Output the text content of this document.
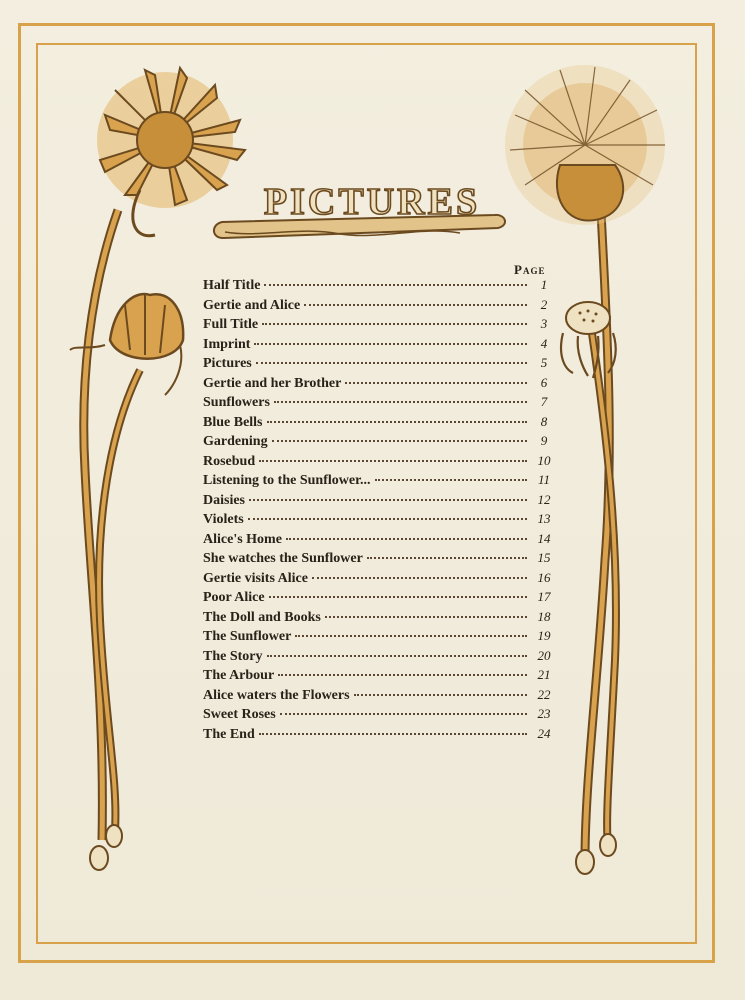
PICTURES
Page
Half Title	1
Gertie and Alice	2
Full Title	3
Imprint	4
Pictures	5
Gertie and her Brother	6
Sunflowers	7
Blue Bells	8
Gardening	9
Rosebud	10
Listening to the Sunflower...	11
Daisies	12
Violets	13
Alice's Home	14
She watches the Sunflower	15
Gertie visits Alice	16
Poor Alice	17
The Doll and Books	18
The Sunflower	19
The Story	20
The Arbour	21
Alice waters the Flowers	22
Sweet Roses	23
The End	24
